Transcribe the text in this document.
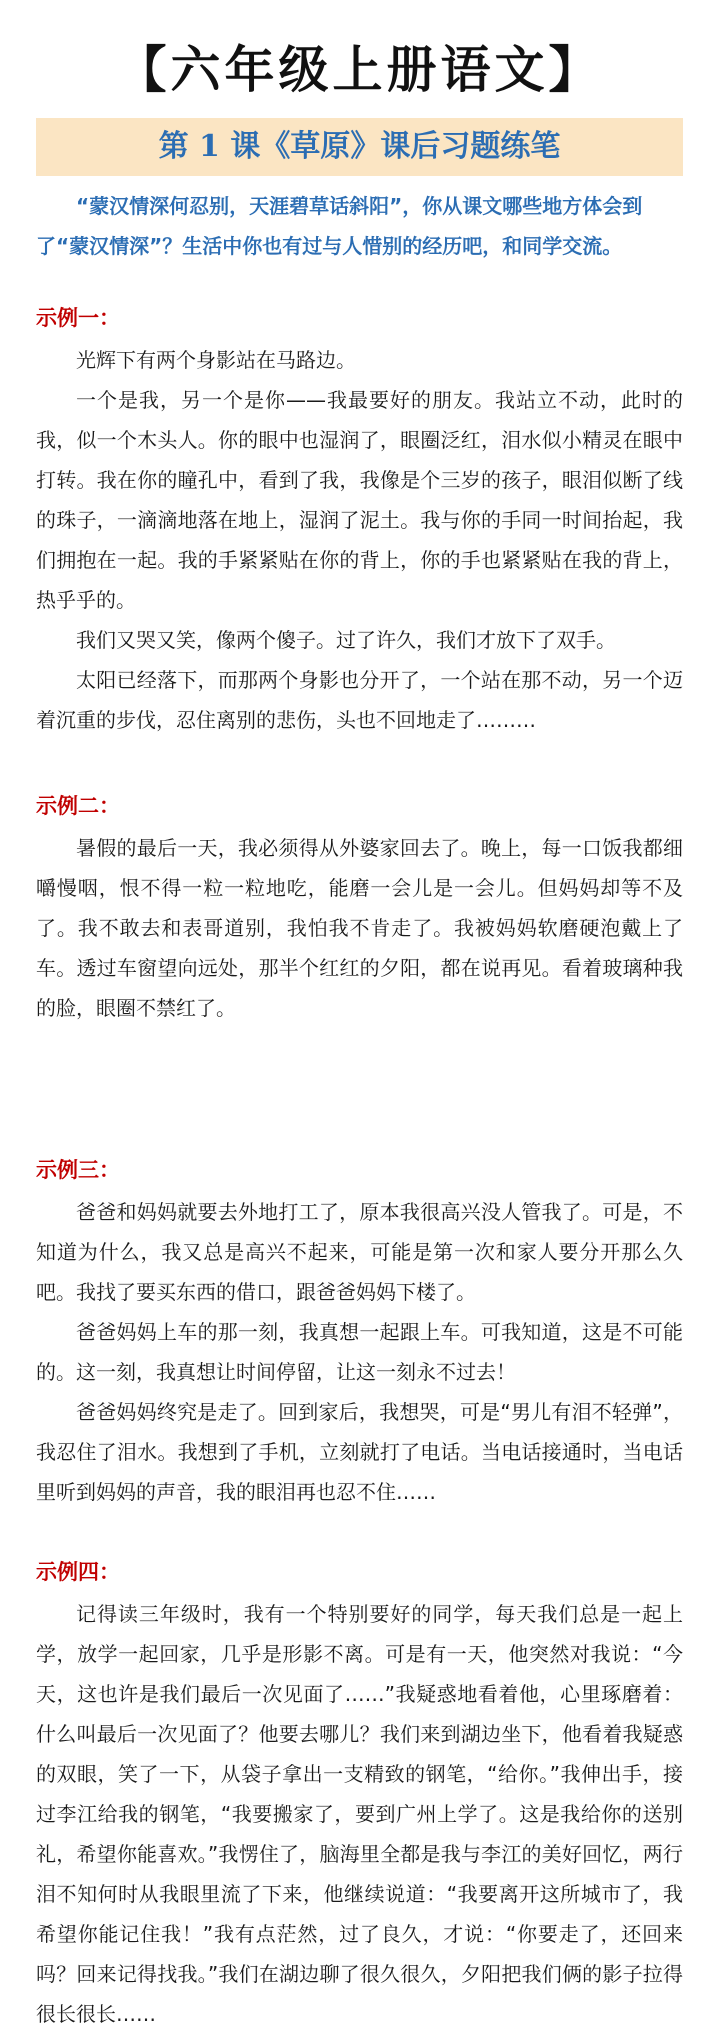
【六年级上册语文】
第 1 课《草原》课后习题练笔
“蒙汉情深何忍别，天涯碧草话斜阳”，你从课文哪些地方体会到
了“蒙汉情深”？生活中你也有过与人惜别的经历吧，和同学交流。
示例一：

光辉下有两个身影站在马路边。

一个是我，另一个是你——我最要好的朋友。我站立不动，此时的我，似一个木头人。你的眼中也湿润了，眼圈泛红，泪水似小精灵在眼中打转。我在你的瞳孔中，看到了我，我像是个三岁的孩子，眼泪似断了线的珠子，一滴滴地落在地上，湿润了泥土。我与你的手同一时间抬起，我们拥抱在一起。我的手紧紧贴在你的背上，你的手也紧紧贴在我的背上，热乎乎的。

我们又哭又笑，像两个傻子。过了许久，我们才放下了双手。

太阳已经落下，而那两个身影也分开了，一个站在那不动，另一个迈着沉重的步伐，忍住离别的悲伤，头也不回地走了………

示例二：

暑假的最后一天，我必须得从外婆家回去了。晚上，每一口饭我都细嚼慢咽，恨不得一粒一粒地吃，能磨一会儿是一会儿。但妈妈却等不及了。我不敢去和表哥道别，我怕我不肯走了。我被妈妈软磨硬泡戴上了车。透过车窗望向远处，那半个红红的夕阳，都在说再见。看着玻璃种我的脸，眼圈不禁红了。

示例三：

爸爸和妈妈就要去外地打工了，原本我很高兴没人管我了。可是，不知道为什么，我又总是高兴不起来，可能是第一次和家人要分开那么久吧。我找了要买东西的借口，跟爸爸妈妈下楼了。

爸爸妈妈上车的那一刻，我真想一起跟上车。可我知道，这是不可能的。这一刻，我真想让时间停留，让这一刻永不过去！

爸爸妈妈终究是走了。回到家后，我想哭，可是“男儿有泪不轻弹”，我忍住了泪水。我想到了手机，立刻就打了电话。当电话接通时，当电话里听到妈妈的声音，我的眼泪再也忍不住……

示例四：

记得读三年级时，我有一个特别要好的同学，每天我们总是一起上学，放学一起回家，几乎是形影不离。可是有一天，他突然对我说：“今天，这也许是我们最后一次见面了……”我疑惑地看着他，心里琢磨着：什么叫最后一次见面了？他要去哪儿？我们来到湖边坐下，他看着我疑惑的双眼，笑了一下，从袋子拿出一支精致的钢笔，“给你。”我伸出手，接过李江给我的钢笔，“我要搬家了，要到广州上学了。这是我给你的送别礼，希望你能喜欢。”我愣住了，脑海里全都是我与李江的美好回忆，两行泪不知何时从我眼里流了下来，他继续说道：“我要离开这所城市了，我希望你能记住我！”我有点茫然，过了良久，才说：“你要走了，还回来吗？回来记得找我。”我们在湖边聊了很久很久，夕阳把我们俩的影子拉得很长很长……
